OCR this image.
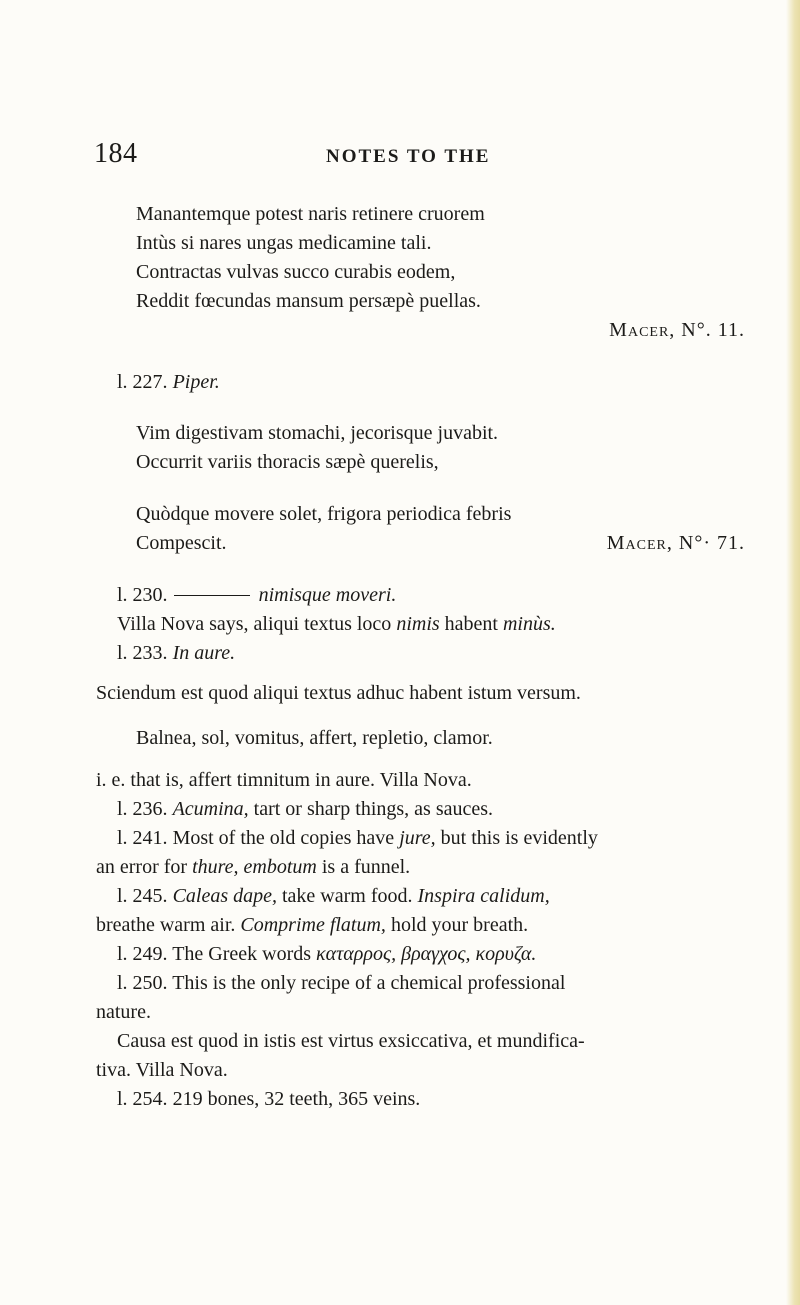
184	NOTES TO THE
Manantemque potest naris retinere cruorem
Intùs si nares ungas medicamine tali.
Contractas vulvas succo curabis eodem,
Reddit fœcundas mansum persæpè puellas.
Macer, N°. 11.
l. 227. Piper.
Vim digestivam stomachi, jecorisque juvabit.
Occurrit variis thoracis sæpè querelis,
Quòdque movere solet, frigora periodica febris
Compescit.	Macer, N°· 71.
l. 230.	nimisque moveri.
Villa Nova says, aliqui textus loco nimis habent minùs.
l. 233. In aure.
Sciendum est quod aliqui textus adhuc habent istum versum.
Balnea, sol, vomitus, affert, repletio, clamor.
i. e. that is, affert timnitum in aure. Villa Nova.
l. 236. Acumina, tart or sharp things, as sauces.
l. 241. Most of the old copies have jure, but this is evidently
an error for thure, embotum is a funnel.
l. 245. Caleas dape, take warm food. Inspira calidum,
breathe warm air. Comprime flatum, hold your breath.
l. 249. The Greek words καταρρος, βραγχος, κορυζα.
l. 250. This is the only recipe of a chemical professional
nature.
Causa est quod in istis est virtus exsiccativa, et mundifica-
tiva. Villa Nova.
l. 254. 219 bones, 32 teeth, 365 veins.
